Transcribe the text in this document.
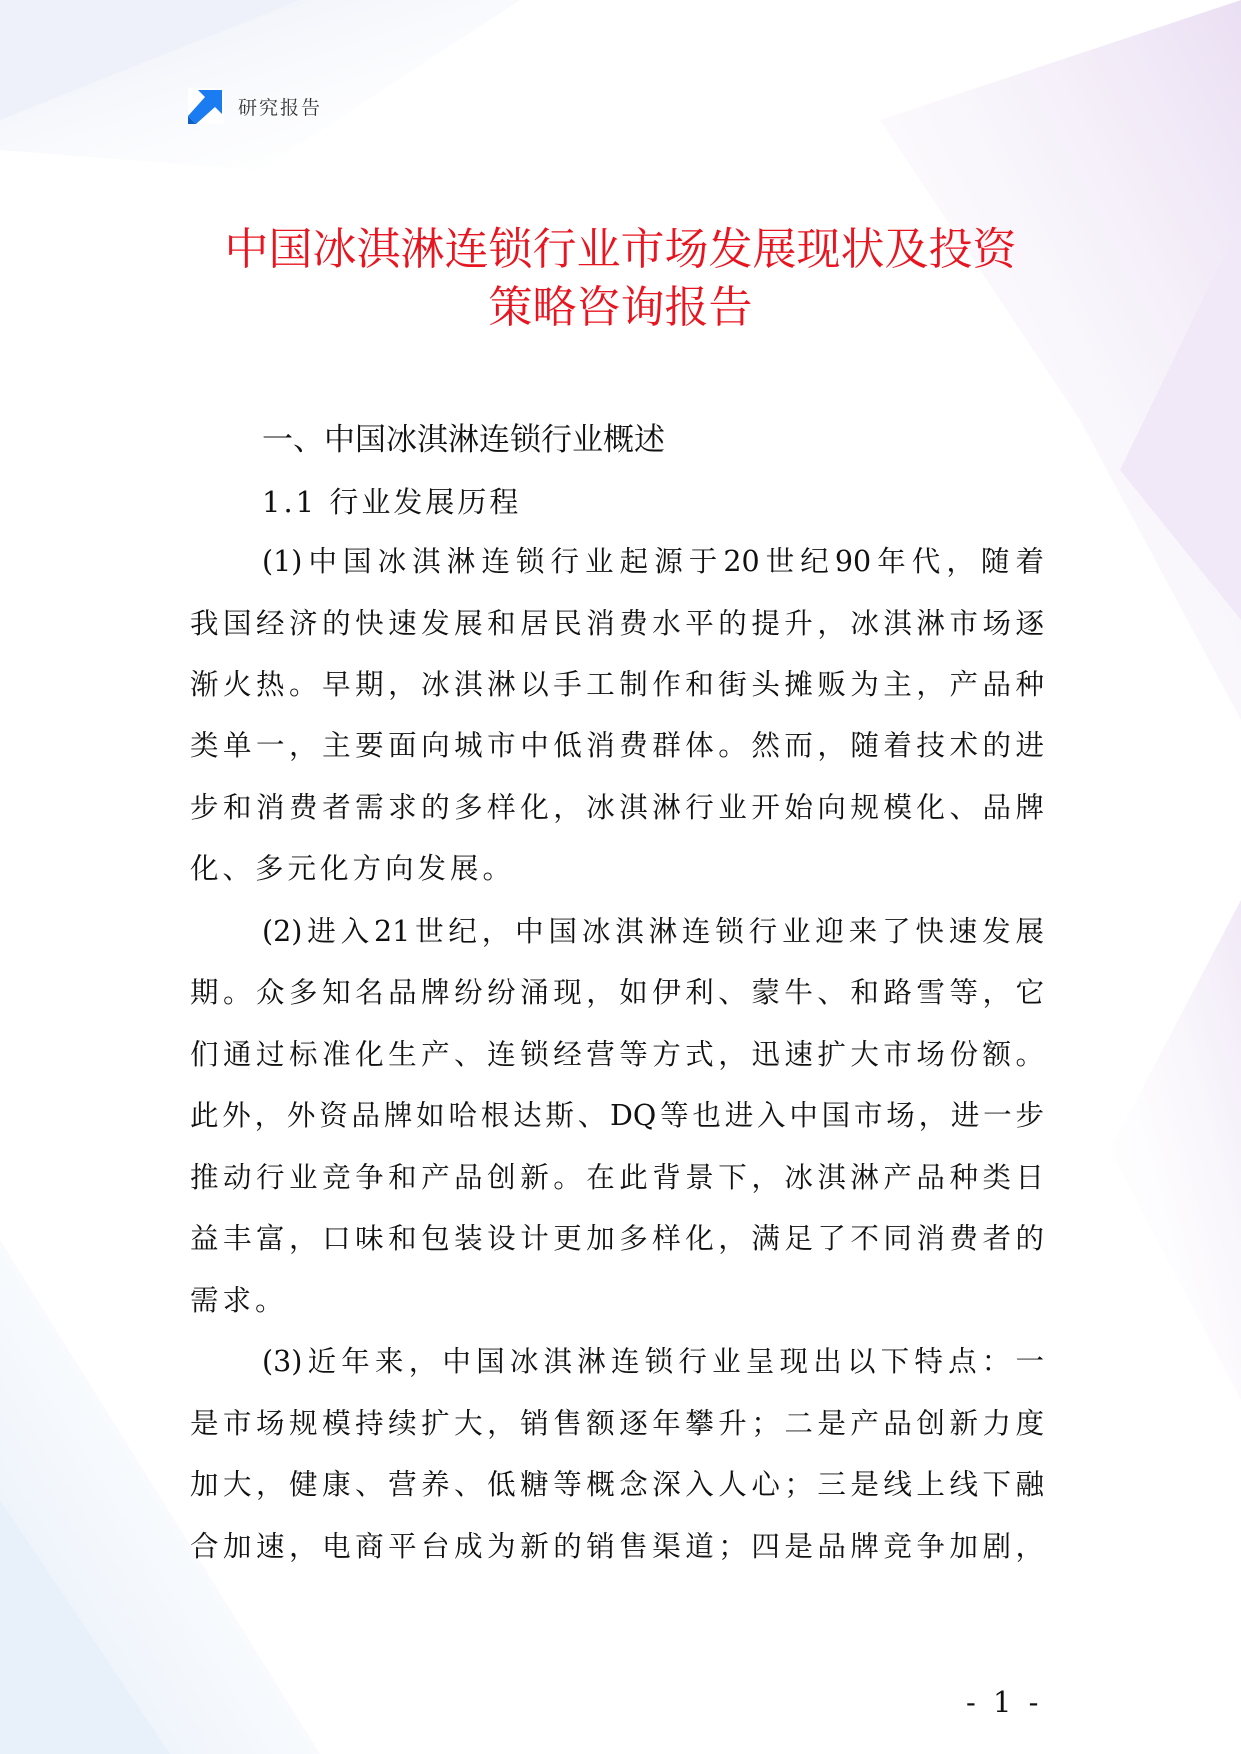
研究报告
中国冰淇淋连锁行业市场发展现状及投资
策略咨询报告
一、中国冰淇淋连锁行业概述
1.1 行业发展历程
(1)中国冰淇淋连锁行业起源于20世纪90年代，随着
我国经济的快速发展和居民消费水平的提升，冰淇淋市场逐
渐火热。早期，冰淇淋以手工制作和街头摊贩为主，产品种
类单一，主要面向城市中低消费群体。然而，随着技术的进
步和消费者需求的多样化，冰淇淋行业开始向规模化、品牌
化、多元化方向发展。
(2)进入21世纪，中国冰淇淋连锁行业迎来了快速发展
期。众多知名品牌纷纷涌现，如伊利、蒙牛、和路雪等，它
们通过标准化生产、连锁经营等方式，迅速扩大市场份额。
此外，外资品牌如哈根达斯、DQ等也进入中国市场，进一步
推动行业竞争和产品创新。在此背景下，冰淇淋产品种类日
益丰富，口味和包装设计更加多样化，满足了不同消费者的
需求。
(3)近年来，中国冰淇淋连锁行业呈现出以下特点：一
是市场规模持续扩大，销售额逐年攀升；二是产品创新力度
加大，健康、营养、低糖等概念深入人心；三是线上线下融
合加速，电商平台成为新的销售渠道；四是品牌竞争加剧，
- 1 -
